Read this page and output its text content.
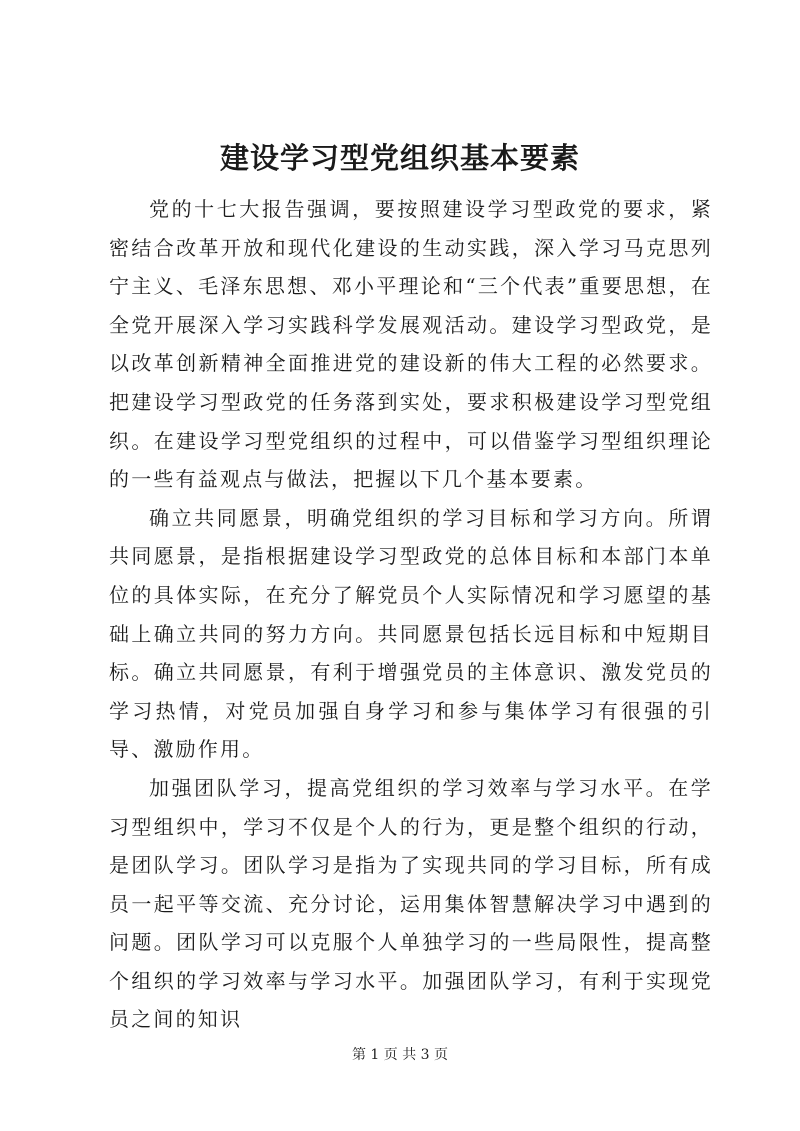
建设学习型党组织基本要素

党的十七大报告强调，要按照建设学习型政党的要求，紧密结合改革开放和现代化建设的生动实践，深入学习马克思列宁主义、毛泽东思想、邓小平理论和“三个代表”重要思想，在全党开展深入学习实践科学发展观活动。建设学习型政党，是以改革创新精神全面推进党的建设新的伟大工程的必然要求。把建设学习型政党的任务落到实处，要求积极建设学习型党组织。在建设学习型党组织的过程中，可以借鉴学习型组织理论的一些有益观点与做法，把握以下几个基本要素。

确立共同愿景，明确党组织的学习目标和学习方向。所谓共同愿景，是指根据建设学习型政党的总体目标和本部门本单位的具体实际，在充分了解党员个人实际情况和学习愿望的基础上确立共同的努力方向。共同愿景包括长远目标和中短期目标。确立共同愿景，有利于增强党员的主体意识、激发党员的学习热情，对党员加强自身学习和参与集体学习有很强的引导、激励作用。

加强团队学习，提高党组织的学习效率与学习水平。在学习型组织中，学习不仅是个人的行为，更是整个组织的行动，是团队学习。团队学习是指为了实现共同的学习目标，所有成员一起平等交流、充分讨论，运用集体智慧解决学习中遇到的问题。团队学习可以克服个人单独学习的一些局限性，提高整个组织的学习效率与学习水平。加强团队学习，有利于实现党员之间的知识

第 1 页 共 3 页
